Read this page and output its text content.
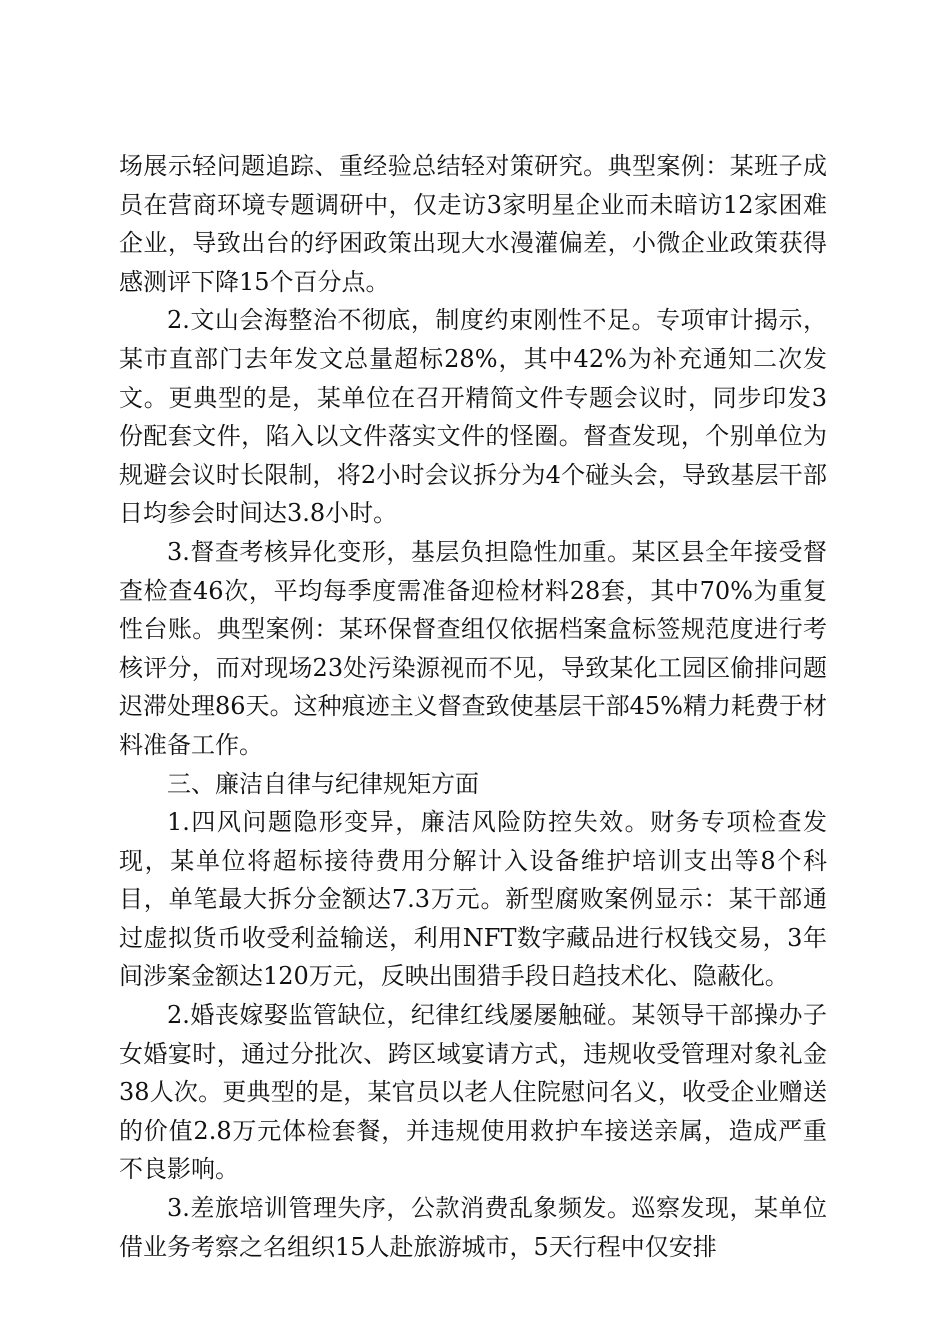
场展示轻问题追踪、重经验总结轻对策研究。典型案例：某班子成员在营商环境专题调研中，仅走访3家明星企业而未暗访12家困难企业，导致出台的纾困政策出现大水漫灌偏差，小微企业政策获得感测评下降15个百分点。

2.文山会海整治不彻底，制度约束刚性不足。专项审计揭示，某市直部门去年发文总量超标28%，其中42%为补充通知二次发文。更典型的是，某单位在召开精简文件专题会议时，同步印发3份配套文件，陷入以文件落实文件的怪圈。督查发现，个别单位为规避会议时长限制，将2小时会议拆分为4个碰头会，导致基层干部日均参会时间达3.8小时。

3.督查考核异化变形，基层负担隐性加重。某区县全年接受督查检查46次，平均每季度需准备迎检材料28套，其中70%为重复性台账。典型案例：某环保督查组仅依据档案盒标签规范度进行考核评分，而对现场23处污染源视而不见，导致某化工园区偷排问题迟滞处理86天。这种痕迹主义督查致使基层干部45%精力耗费于材料准备工作。

三、廉洁自律与纪律规矩方面

1.四风问题隐形变异，廉洁风险防控失效。财务专项检查发现，某单位将超标接待费用分解计入设备维护培训支出等8个科目，单笔最大拆分金额达7.3万元。新型腐败案例显示：某干部通过虚拟货币收受利益输送，利用NFT数字藏品进行权钱交易，3年间涉案金额达120万元，反映出围猎手段日趋技术化、隐蔽化。

2.婚丧嫁娶监管缺位，纪律红线屡屡触碰。某领导干部操办子女婚宴时，通过分批次、跨区域宴请方式，违规收受管理对象礼金38人次。更典型的是，某官员以老人住院慰问名义，收受企业赠送的价值2.8万元体检套餐，并违规使用救护车接送亲属，造成严重不良影响。

3.差旅培训管理失序，公款消费乱象频发。巡察发现，某单位借业务考察之名组织15人赴旅游城市，5天行程中仅安排
